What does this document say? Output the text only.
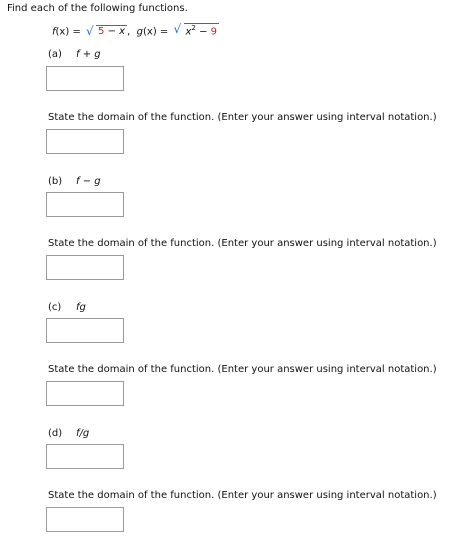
Find each of the following functions.
f(x) = √ 5 − x , g(x) = √ $x^2 - 9$
(a) f + g
State the domain of the function. (Enter your answer using interval notation.)
(b) f − g
State the domain of the function. (Enter your answer using interval notation.)
(c) fg
State the domain of the function. (Enter your answer using interval notation.)
(d) f/g
State the domain of the function. (Enter your answer using interval notation.)
